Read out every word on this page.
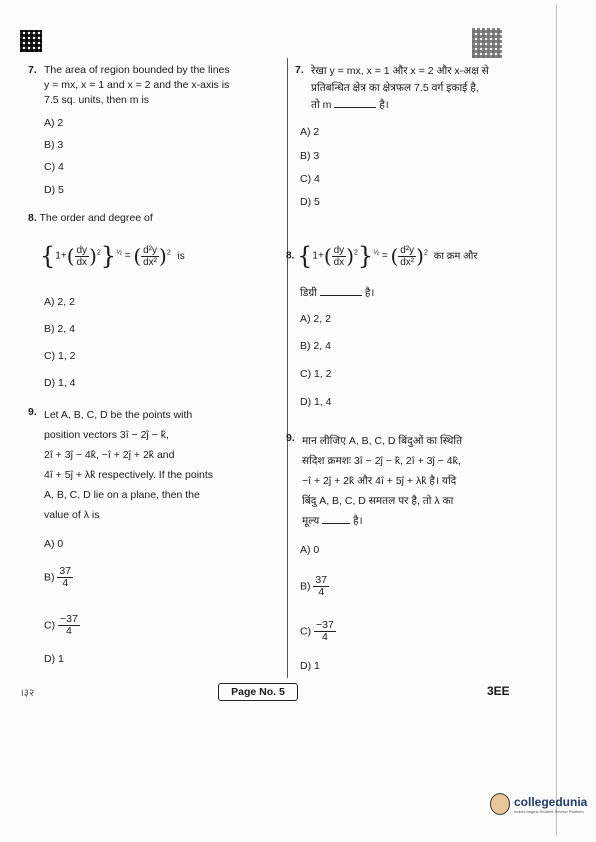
7. The area of region bounded by the lines
y = mx, x = 1 and x = 2 and the x-axis is
7.5 sq. units, then m is
A) 2
B) 3
C) 4
D) 5
8. The order and degree of
$\{1+( \frac{dy}{dx} )^2\}^{\frac{1}{2}}$ = ( $\frac{\text{d²y}}{\text{dx²}} )^2$ is
A) 2, 2
B) 2, 4
C) 1, 2
D) 1, 4
9. Let A, B, C, D be the points with
position vectors 3î − 2ĵ − k̂,
2î + 3ĵ − 4k̂, −î + 2ĵ + 2k̂ and
4î + 5ĵ + λk̂ respectively. If the points
A, B, C, D lie on a plane, then the
value of λ is
A) 0
$B) \frac{37}{4}$
$C) \frac{-37}{4}$
D) 1
7. रेखा y = mx, x = 1 और x = 2 और x-अक्ष से
प्रतिबन्धित क्षेत्र का क्षेत्रफल 7.5 वर्ग इकाई है,
तो m	है।
A) 2
B) 3
C) 4
D) 5
8. $\{1+( \frac{dy}{dx} )^2\}^{\frac{1}{2}}$ = ( $\frac{\text{d²y}}{\text{dx²}} )^2$ का क्रम और
डिग्री	है।
A) 2, 2
B) 2, 4
C) 1, 2
D) 1, 4
9. मान लीजिए A, B, C, D बिंदुओं का स्थिति
सदिश क्रमशः 3î − 2ĵ − k̂, 2î + 3ĵ − 4k̂,
−î + 2ĵ + 2k̂ और 4î + 5ĵ + λk̂ है। यदि
बिंदु A, B, C, D समतल पर है, तो λ का
मूल्य	है।
A) 0
$B) \frac{37}{4}$
$C) \frac{-37}{4}$
D) 1
।‌३२	Page No. 5	3EE
collegedunia
India's largest Student Review Platform
